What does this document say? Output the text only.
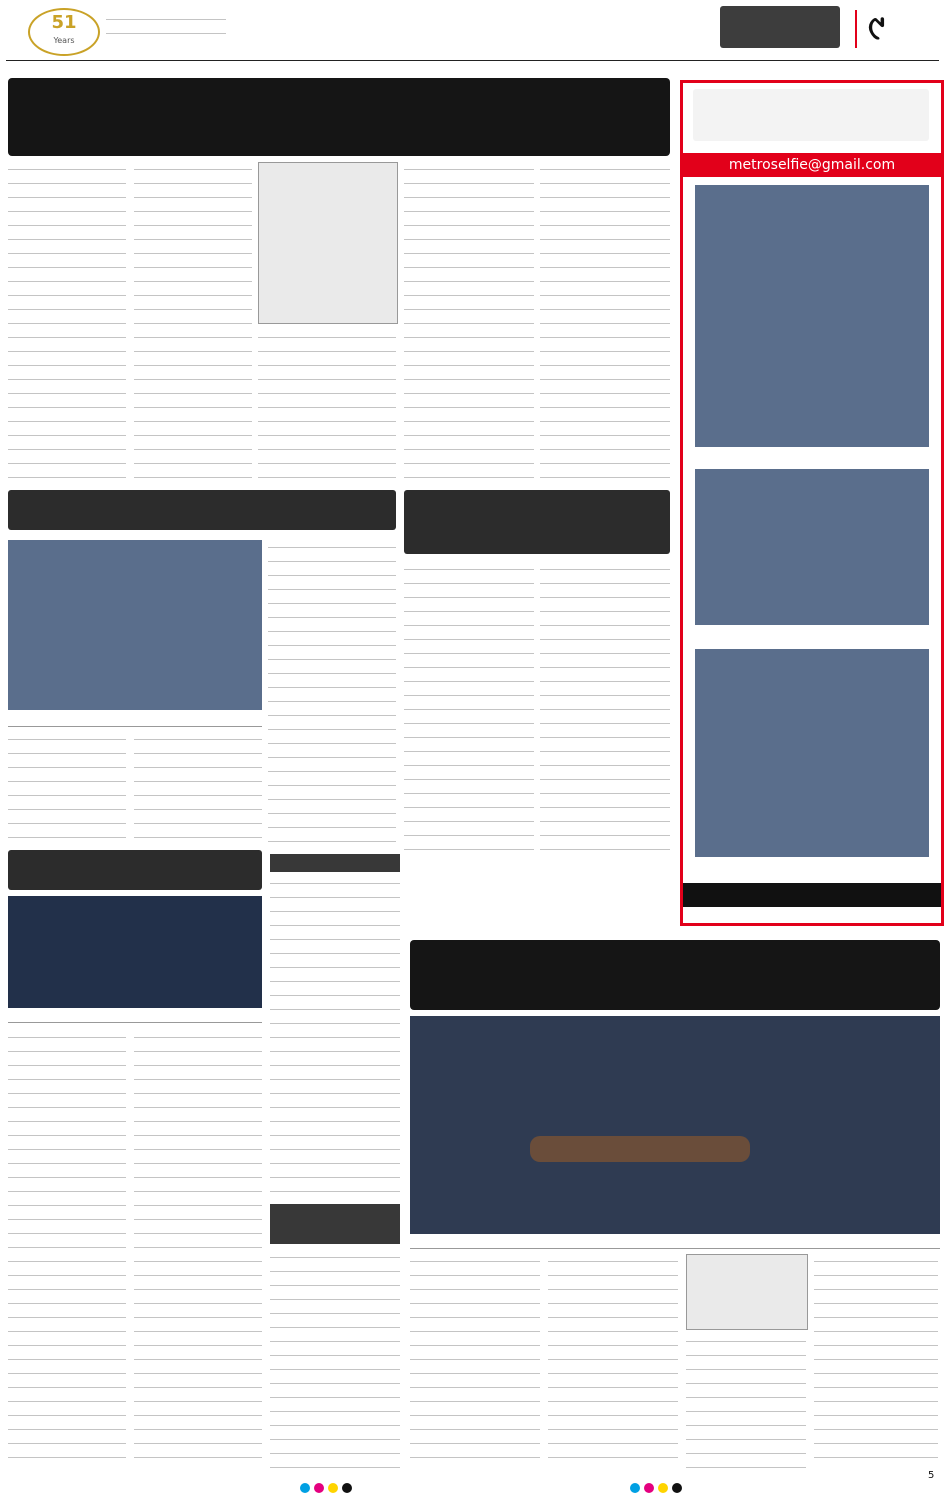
51
Years	୯
metroselfie@gmail.com
5
